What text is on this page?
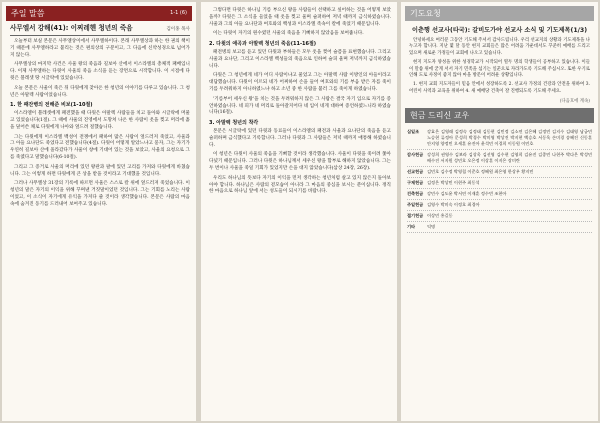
주일 말씀	1-1 (6)
사무엘서 강해(41): 이찌레헨 청년의 죽음	김이홍 목사

오늘부터 보실 본문은 사무엘상이에서 사무엘하이다. 본래 사무엘상과 하는 한 권의 책이기 때문에 사무엘하라고 불리는 것은 편의상의 구분이고, 그 다음에 신약성경으로 넘어가지 않는다.

사무엘상의 마지막 사건은 사울 왕의 죽음과 길보아 산에서 이스라엘의 총체적 패배입니다. 이제 사무엘하는 다윗이 사울의 죽음 소식을 듣는 장면으로 시작합니다. 이 시점에 다윗은 블레셋 땅 시글락에 있었습니다.

오늘 본문은 사울이 죽은 뒤 다윗에게 찾아온 한 청년의 이야기를 다루고 있습니다. 그 청년은 아말렉 사람이었습니다.

1. 한 패잔병의 전해준 비보(1-10절)

이스라엘이 블레셋에게 패전했을 때 다윗은 아말렉 사람들을 치고 돌아와 시글락에 머물고 있었습니다(1절). 그 때에 사울의 진영에서 도망쳐 나온 한 사람이 옷을 찢고 머리에 흙을 덮어쓴 채로 다윗에게 나아와 엎드려 절했습니다.

그는 다윗에게 이스라엘 백성이 전쟁에서 패하여 많은 사람이 엎드러져 죽었고, 사울과 그 아들 요나단도 죽었다고 전했습니다(4절). 다윗이 어떻게 알았느냐고 묻자, 그는 자기가 우연히 길보아 산에 올라갔다가 사울이 창에 기대어 있는 것을 보았고, 사울의 요청으로 그를 죽였다고 말했습니다(6-10절).

그리고 그 증거로 사울의 머리에 있던 왕관과 팔에 있던 고리를 가져와 다윗에게 바쳤습니다. 그는 이렇게 하면 다윗에게 큰 상을 받을 것이라고 기대했을 것입니다.

그러나 사무엘상 31장의 기록에 따르면 사울은 스스로 칼 위에 엎드러져 죽었습니다. 이 청년의 말은 자기의 이익을 위해 꾸며낸 거짓말이었던 것입니다. 그는 기회를 노리는 사람이었고, 이 소식이 자기에게 유익을 가져다 줄 것이라 생각했습니다. 본문은 사람의 마음 속에 숨겨진 동기를 드러내어 보여주고 있습니다.

그렇다면 다윗은 하나님 기름 부으신 왕을 사람들이 선택하고 싶어하는 것을 어떻게 보았을까? 다윗은 그 소식을 들었을 때 옷을 찢고 울며 슬퍼하여 저녁 때까지 금식하였습니다. 사울과 그의 아들 요나단과 여호와의 백성과 이스라엘 족속이 칼에 죽었기 때문입니다.

이는 다윗이 자기의 원수였던 사울의 죽음을 기뻐하지 않았음을 보여줍니다.

2. 다윗의 애곡과 아말렉 청년의 죽음(11-16절)

패전병의 보고를 듣고 있던 다윗과 부하들은 모두 옷을 찢어 슬픔을 표현했습니다. 그리고 사울과 요나단, 그리고 이스라엘 백성들의 죽음으로 인하여 슬피 울며 저녁까지 금식하였습니다.

다윗은 그 청년에게 네가 어디 사람이냐고 물었고 그는 아말렉 사람 이방인의 아들이라고 대답했습니다. 다윗이 이르되 네가 어찌하여 손을 들어 여호와의 기름 부음 받은 자를 죽이기를 두려워하지 아니하였느냐 하고 소년 중 한 사람을 불러 그를 죽이게 하였습니다.

'기름부어 세우신 왕'을 치는 것을 두려워하지 않은 그 사람은 결국 자기 입으로 자기를 증언하였습니다. 네 피가 네 머리로 돌아갈지어다 네 입이 네게 대하여 증언하였느니라 하였습니다(16절).

3. 아말렉 청년의 착각

본문은 시글락에 있던 다윗과 동료들이 이스라엘의 패전과 사울과 요나단의 죽음을 듣고 슬퍼하며 금식했다고 기록합니다. 그러나 다윗과 그 사람들은 저녁 때까지 애통해 하였습니다.

이 청년은 다윗이 사울의 죽음을 기뻐할 것이라 생각했습니다. 사울이 다윗을 죽이려 쫓아다녔기 때문입니다. 그러나 다윗은 하나님께서 세우신 왕을 함부로 해하지 않았습니다. 그는 두 번이나 사울을 죽일 기회가 있었지만 손을 대지 않았습니다(삼상 24장, 26장).

우리도 하나님의 뜻보다 자기의 이익을 먼저 생각하는 청년처럼 살고 있지 않은지 돌아보아야 합니다. 하나님은 사람의 겉모습이 아니라 그 마음의 중심을 보시는 분이십니다. 정직한 마음으로 하나님 앞에 서는 성도들이 되시기를 바랍니다.

기도요청
이춘행 선교사(타국): 갈비도가야 선교사 소식 및 기도제목(1/3)

안녕하세요 여러분 그동안 기도해 주셔서 감사드립니다. 우리 선교지의 상황과 기도제목을 나누고자 합니다. 지난 몇 달 동안 현지 교회들은 많은 어려움 가운데서도 꾸준히 예배를 드리고 있으며 새로운 가정들이 교회에 나오고 있습니다.

현지 지도자 양성을 위한 성경학교가 시작되어 열두 명의 학생들이 공부하고 있습니다. 이들이 말씀 위에 굳게 서서 자기 민족을 섬기는 일꾼으로 자라가도록 기도해 주십시오. 또한 우기로 인해 도로 사정이 좋지 않아 마을 방문이 어려운 상황입니다.

1. 현지 교회 지도자들이 믿음 안에서 성장하도록 2. 선교사 가정의 건강과 안전을 위하여 3. 어린이 사역과 교육을 위하여 4. 새 예배당 건축이 잘 진행되도록 기도해 주세요.

(다음호에 계속)
현금 드리신 교우
십일조	강효은 김영래 김정숙 김정태 김동현 김민정 김소연 김은혜 김정민 김지수 김태영 남궁민 노승현 류정아 문성희 박경수 박미영 박상진 박지현 백승호 서동욱 손미경 송혜진 신동훈 안지영 양정민 오세훈 유진아 윤석민 이경희 이동원 이민호
감사헌금 강성희 권영수 김보라 김상욱 김선영 김수현 김영희 김유진 김종민 나현주 박다은 박성민 배수진 서지원 성민호 오은정 이상훈 이지은 장미란
선교헌금 김민호 김수정 박영철 이준호 정혜원 최은영 한상우 황지민
구제헌금 김정은 박상민 이현주 최동석
건축헌금 강민수 김도윤 박서연 이재훈 정수빈 조현아
주일헌금 김영수 박미숙 이정호 최경아
절기헌금 이상민 홍길동
기타	익명
